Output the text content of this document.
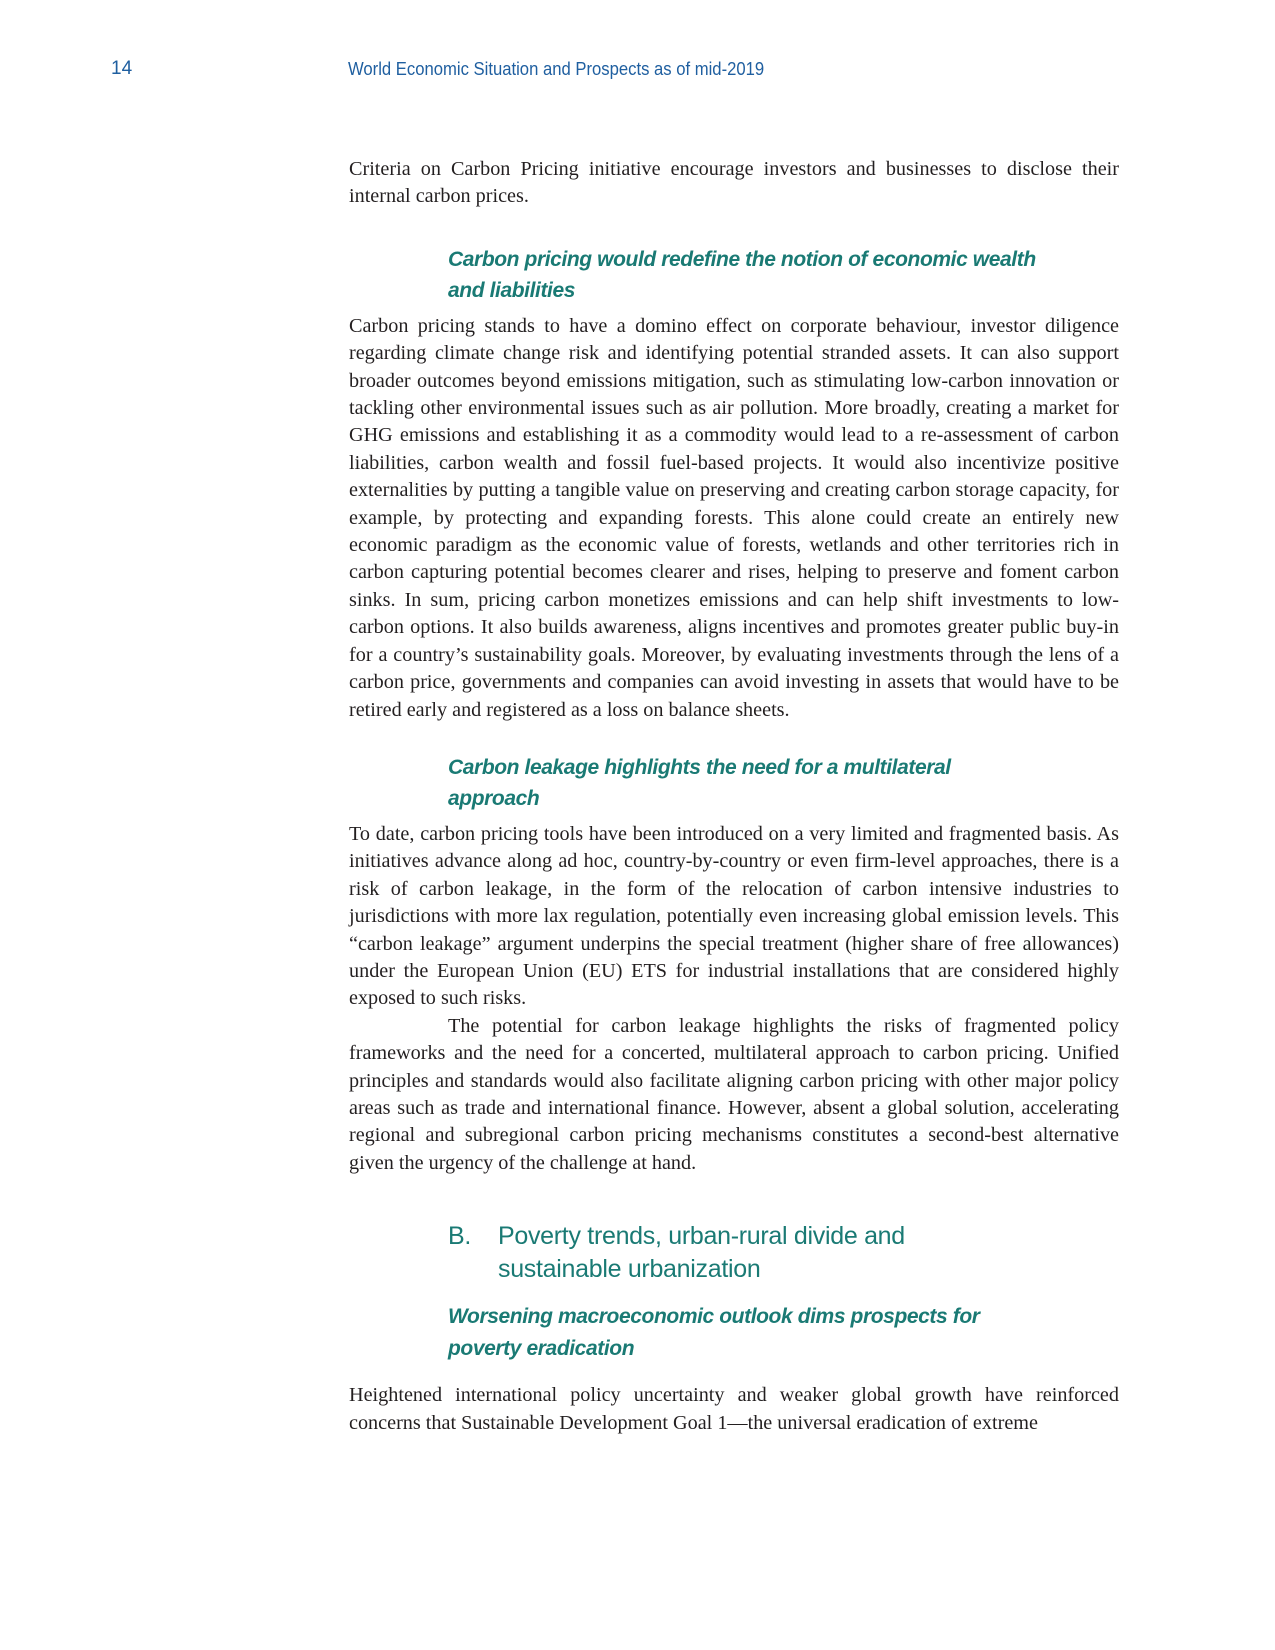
14	World Economic Situation and Prospects as of mid-2019

Criteria on Carbon Pricing initiative encourage investors and businesses to disclose their internal carbon prices.

Carbon pricing would redefine the notion of economic wealth and liabilities

Carbon pricing stands to have a domino effect on corporate behaviour, investor diligence regarding climate change risk and identifying potential stranded assets. It can also support broader outcomes beyond emissions mitigation, such as stimulating low-carbon innovation or tackling other environmental issues such as air pollution. More broadly, creating a market for GHG emissions and establishing it as a commodity would lead to a re-assessment of carbon liabilities, carbon wealth and fossil fuel-based projects. It would also incentivize positive externalities by putting a tangible value on preserving and creating carbon storage capacity, for example, by protecting and expanding forests. This alone could create an entirely new economic paradigm as the economic value of forests, wetlands and other territories rich in carbon capturing potential becomes clearer and rises, helping to preserve and foment carbon sinks. In sum, pricing carbon monetizes emissions and can help shift investments to low-carbon options. It also builds awareness, aligns incentives and promotes greater public buy-in for a country’s sustainability goals. Moreover, by evaluating investments through the lens of a carbon price, governments and companies can avoid investing in assets that would have to be retired early and registered as a loss on balance sheets.

Carbon leakage highlights the need for a multilateral approach

To date, carbon pricing tools have been introduced on a very limited and fragmented basis. As initiatives advance along ad hoc, country-by-country or even firm-level approaches, there is a risk of carbon leakage, in the form of the relocation of carbon intensive industries to jurisdictions with more lax regulation, potentially even increasing global emission levels. This “carbon leakage” argument underpins the special treatment (higher share of free allowances) under the European Union (EU) ETS for industrial installations that are considered highly exposed to such risks.

The potential for carbon leakage highlights the risks of fragmented policy frameworks and the need for a concerted, multilateral approach to carbon pricing. Unified principles and standards would also facilitate aligning carbon pricing with other major policy areas such as trade and international finance. However, absent a global solution, accelerating regional and subregional carbon pricing mechanisms constitutes a second-best alternative given the urgency of the challenge at hand.

B.	Poverty trends, urban-rural divide and sustainable urbanization
Worsening macroeconomic outlook dims prospects for poverty eradication

Heightened international policy uncertainty and weaker global growth have reinforced concerns that Sustainable Development Goal 1—the universal eradication of extreme
